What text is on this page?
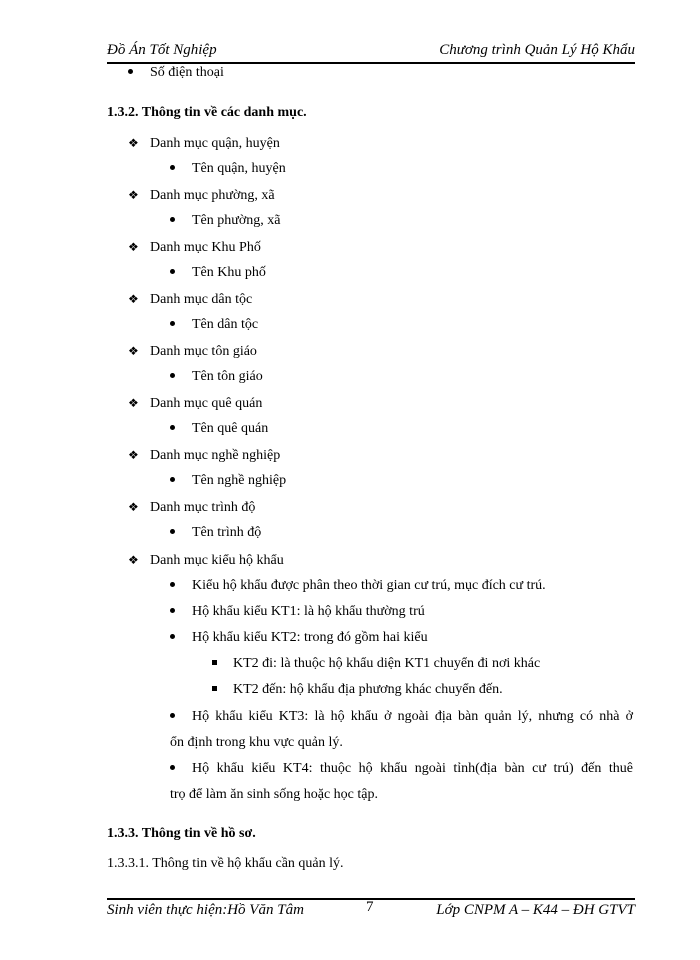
Đồ Án Tốt Nghiệp	Chương trình Quản Lý Hộ Khẩu
Số điện thoại
1.3.2. Thông tin về các danh mục.
❖ Danh mục quận, huyện
Tên quận, huyện
❖ Danh mục phường, xã
Tên phường, xã
❖ Danh mục Khu Phố
Tên Khu phố
❖ Danh mục dân tộc
Tên dân tộc
❖ Danh mục tôn giáo
Tên tôn giáo
❖ Danh mục quê quán
Tên quê quán
❖ Danh mục nghề nghiệp
Tên nghề nghiệp
❖ Danh mục trình độ
Tên trình độ
❖ Danh mục kiểu hộ khẩu
Kiểu hộ khẩu được phân theo thời gian cư trú, mục đích cư trú.
Hộ khẩu kiểu KT1: là hộ khẩu thường trú
Hộ khẩu kiểu KT2: trong đó gồm hai kiểu
KT2 đi: là thuộc hộ khẩu diện KT1 chuyển đi nơi khác
KT2 đến: hộ khẩu địa phương khác chuyển đến.
Hộ khẩu kiểu KT3: là hộ khẩu ở ngoài địa bàn quản lý, nhưng có nhà ở
ổn định trong khu vực quản lý.
Hộ khẩu kiểu KT4: thuộc hộ khẩu ngoài tỉnh(địa bàn cư trú) đến thuê
trọ để làm ăn sinh sống hoặc học tập.
1.3.3. Thông tin về hồ sơ.
1.3.3.1. Thông tin về hộ khẩu cần quản lý.
Sinh viên thực hiện:Hồ Văn Tâm	7	Lớp CNPM A – K44 – ĐH GTVT
